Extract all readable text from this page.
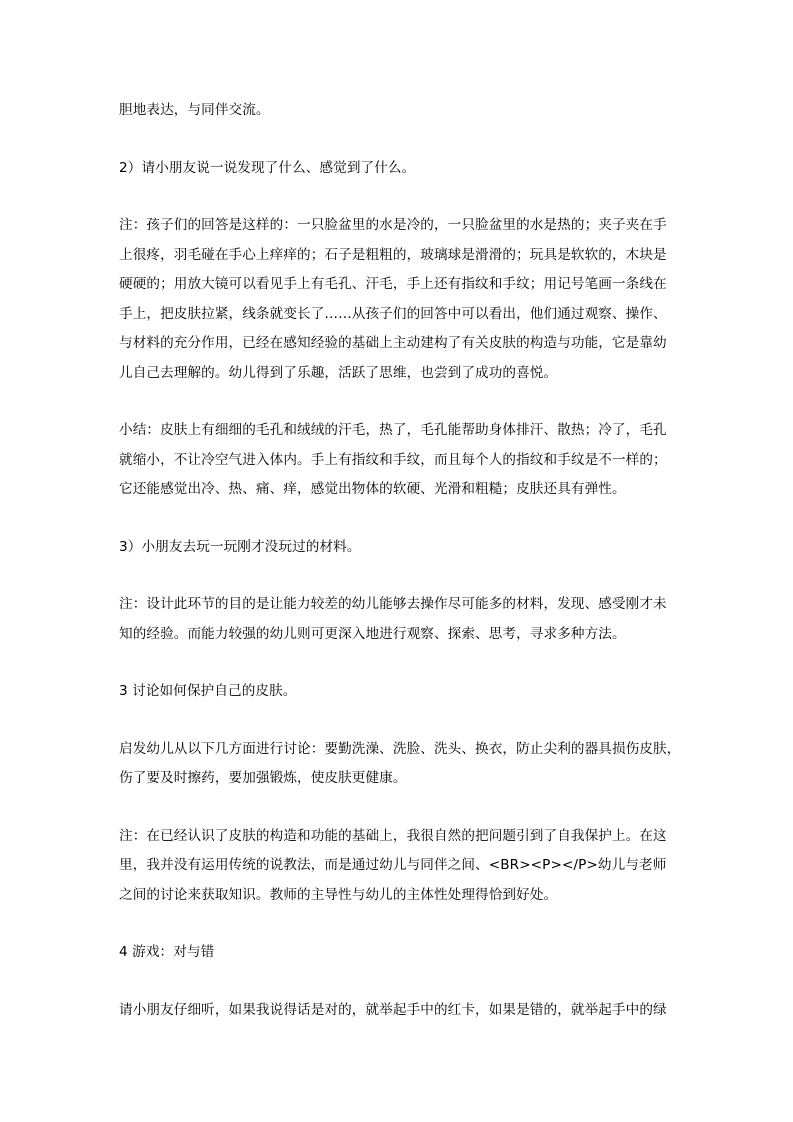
胆地表达，与同伴交流。

2）请小朋友说一说发现了什么、感觉到了什么。

注：孩子们的回答是这样的：一只脸盆里的水是冷的，一只脸盆里的水是热的；夹子夹在手
上很疼，羽毛碰在手心上痒痒的；石子是粗粗的，玻璃球是滑滑的；玩具是软软的，木块是
硬硬的；用放大镜可以看见手上有毛孔、汗毛，手上还有指纹和手纹；用记号笔画一条线在
手上，把皮肤拉紧，线条就变长了……从孩子们的回答中可以看出，他们通过观察、操作、
与材料的充分作用，已经在感知经验的基础上主动建构了有关皮肤的构造与功能，它是靠幼
儿自己去理解的。幼儿得到了乐趣，活跃了思维，也尝到了成功的喜悦。

小结：皮肤上有细细的毛孔和绒绒的汗毛，热了，毛孔能帮助身体排汗、散热；冷了，毛孔
就缩小，不让冷空气进入体内。手上有指纹和手纹，而且每个人的指纹和手纹是不一样的；
它还能感觉出冷、热、痛、痒，感觉出物体的软硬、光滑和粗糙；皮肤还具有弹性。

3）小朋友去玩一玩刚才没玩过的材料。

注：设计此环节的目的是让能力较差的幼儿能够去操作尽可能多的材料，发现、感受刚才未
知的经验。而能力较强的幼儿则可更深入地进行观察、探索、思考，寻求多种方法。

3 讨论如何保护自己的皮肤。

启发幼儿从以下几方面进行讨论：要勤洗澡、洗脸、洗头、换衣，防止尖利的器具损伤皮肤，
伤了要及时擦药，要加强锻炼，使皮肤更健康。

注：在已经认识了皮肤的构造和功能的基础上，我很自然的把问题引到了自我保护上。在这
里，我并没有运用传统的说教法，而是通过幼儿与同伴之间、<BR><P></P>幼儿与老师
之间的讨论来获取知识。教师的主导性与幼儿的主体性处理得恰到好处。

4 游戏：对与错

请小朋友仔细听，如果我说得话是对的，就举起手中的红卡，如果是错的，就举起手中的绿
